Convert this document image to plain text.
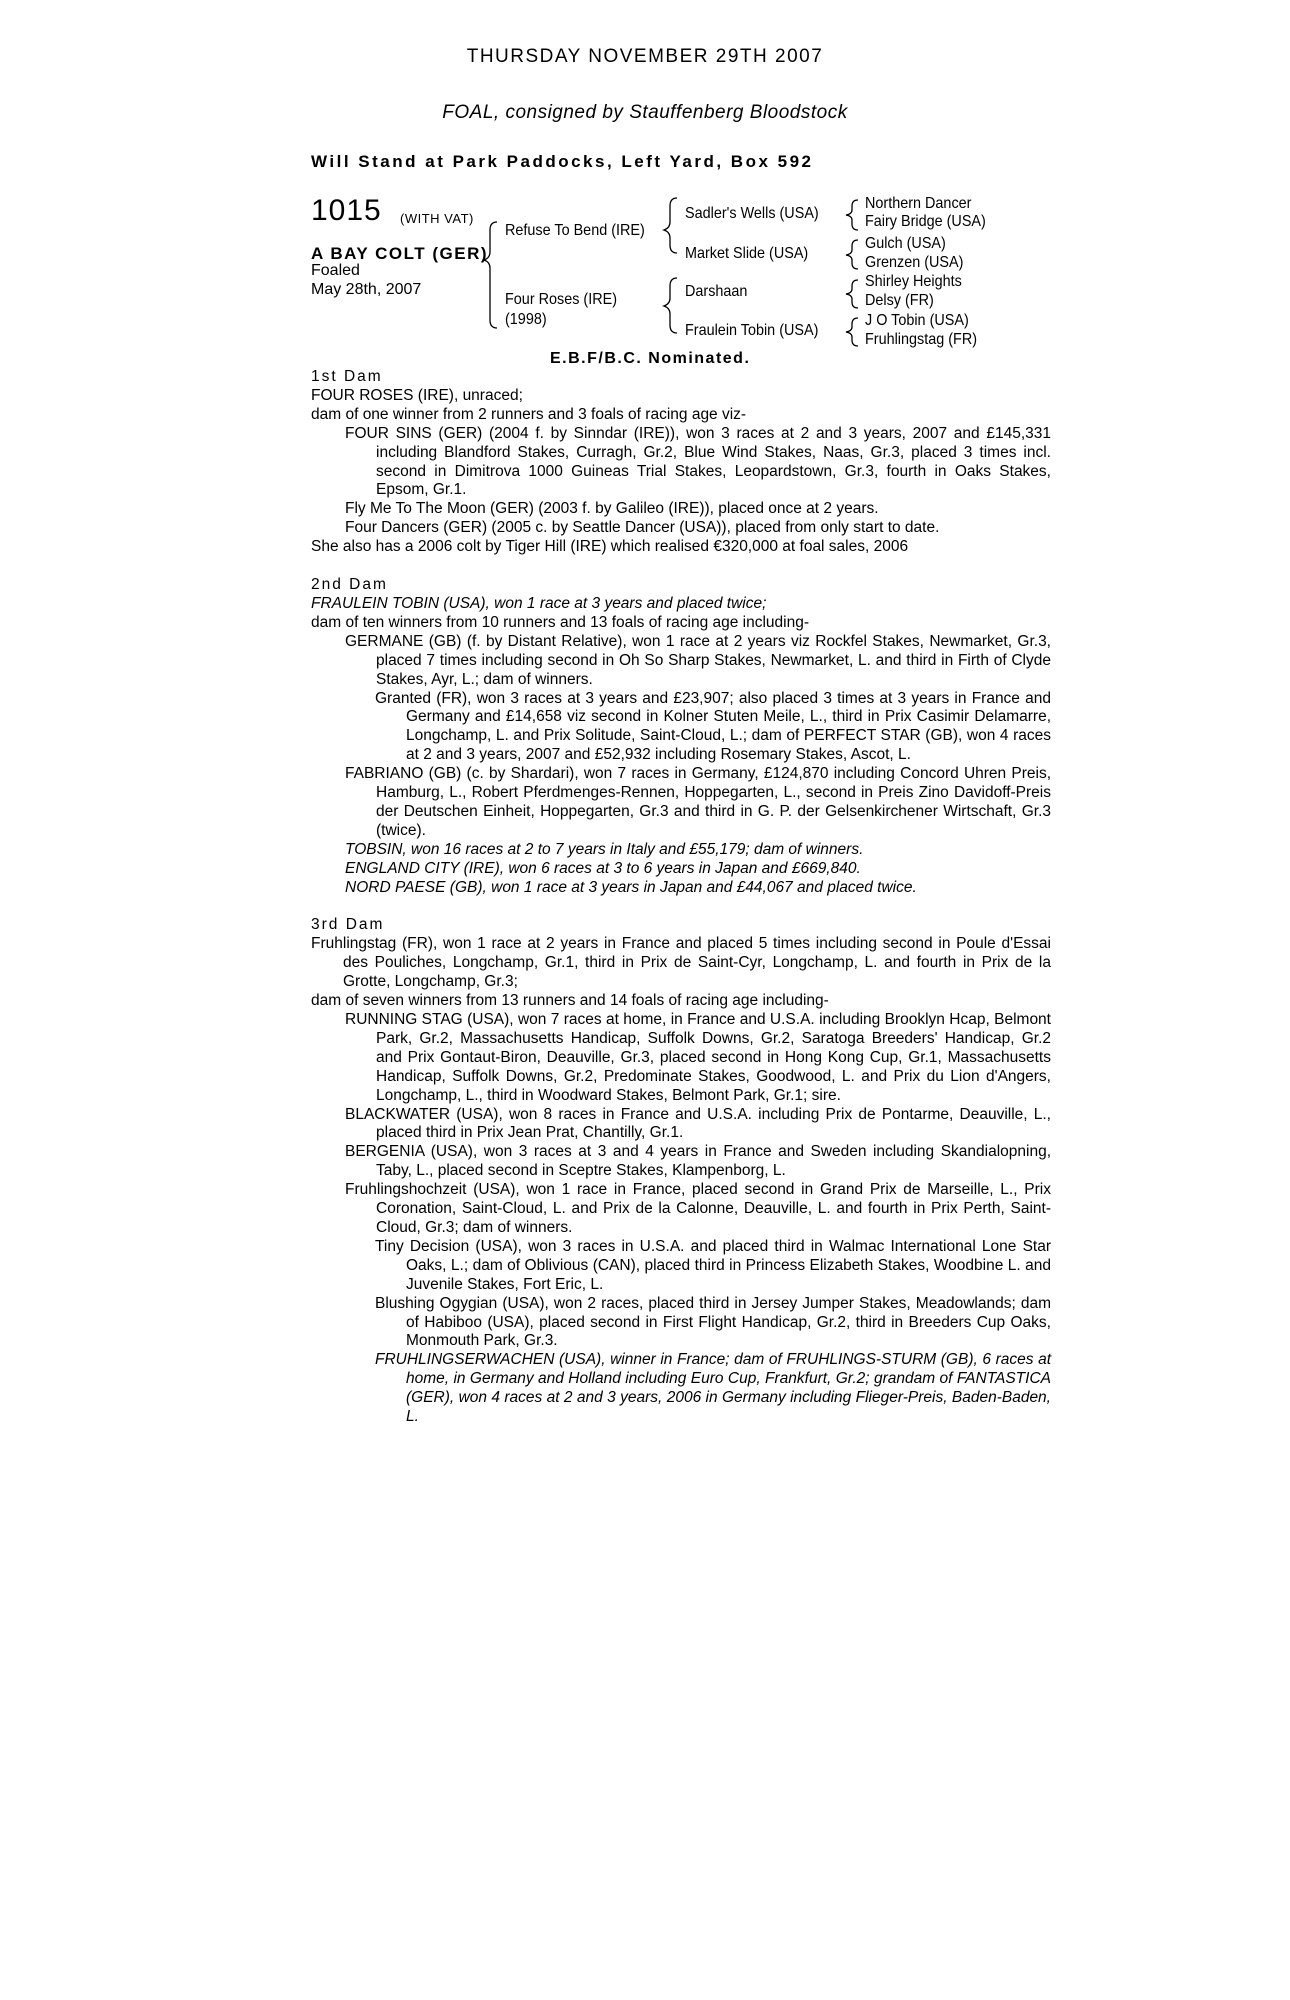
THURSDAY NOVEMBER 29TH 2007
FOAL, consigned by Stauffenberg Bloodstock
Will Stand at Park Paddocks, Left Yard, Box 592
1015 (WITH VAT)
A BAY COLT (GER)
Foaled
May 28th, 2007
Refuse To Bend (IRE)
Four Roses (IRE)
(1998)
Sadler's Wells (USA)
Market Slide (USA)
Darshaan
Fraulein Tobin (USA)
Northern Dancer
Fairy Bridge (USA)
Gulch (USA)
Grenzen (USA)
Shirley Heights
Delsy (FR)
J O Tobin (USA)
Fruhlingstag (FR)
E.B.F/B.C. Nominated.

1st Dam

FOUR ROSES (IRE), unraced;

dam of one winner from 2 runners and 3 foals of racing age viz-

FOUR SINS (GER) (2004 f. by Sinndar (IRE)), won 3 races at 2 and 3 years, 2007 and £145,331 including Blandford Stakes, Curragh, Gr.2, Blue Wind Stakes, Naas, Gr.3, placed 3 times incl. second in Dimitrova 1000 Guineas Trial Stakes, Leopardstown, Gr.3, fourth in Oaks Stakes, Epsom, Gr.1.

Fly Me To The Moon (GER) (2003 f. by Galileo (IRE)), placed once at 2 years.

Four Dancers (GER) (2005 c. by Seattle Dancer (USA)), placed from only start to date.

She also has a 2006 colt by Tiger Hill (IRE) which realised €320,000 at foal sales, 2006

2nd Dam

FRAULEIN TOBIN (USA), won 1 race at 3 years and placed twice;

dam of ten winners from 10 runners and 13 foals of racing age including-

GERMANE (GB) (f. by Distant Relative), won 1 race at 2 years viz Rockfel Stakes, Newmarket, Gr.3, placed 7 times including second in Oh So Sharp Stakes, Newmarket, L. and third in Firth of Clyde Stakes, Ayr, L.; dam of winners.

Granted (FR), won 3 races at 3 years and £23,907; also placed 3 times at 3 years in France and Germany and £14,658 viz second in Kolner Stuten Meile, L., third in Prix Casimir Delamarre, Longchamp, L. and Prix Solitude, Saint-Cloud, L.; dam of PERFECT STAR (GB), won 4 races at 2 and 3 years, 2007 and £52,932 including Rosemary Stakes, Ascot, L.

FABRIANO (GB) (c. by Shardari), won 7 races in Germany, £124,870 including Concord Uhren Preis, Hamburg, L., Robert Pferdmenges-Rennen, Hoppegarten, L., second in Preis Zino Davidoff-Preis der Deutschen Einheit, Hoppegarten, Gr.3 and third in G. P. der Gelsenkirchener Wirtschaft, Gr.3 (twice).

TOBSIN, won 16 races at 2 to 7 years in Italy and £55,179; dam of winners.

ENGLAND CITY (IRE), won 6 races at 3 to 6 years in Japan and £669,840.

NORD PAESE (GB), won 1 race at 3 years in Japan and £44,067 and placed twice.

3rd Dam

Fruhlingstag (FR), won 1 race at 2 years in France and placed 5 times including second in Poule d'Essai des Pouliches, Longchamp, Gr.1, third in Prix de Saint-Cyr, Longchamp, L. and fourth in Prix de la Grotte, Longchamp, Gr.3;

dam of seven winners from 13 runners and 14 foals of racing age including-

RUNNING STAG (USA), won 7 races at home, in France and U.S.A. including Brooklyn Hcap, Belmont Park, Gr.2, Massachusetts Handicap, Suffolk Downs, Gr.2, Saratoga Breeders' Handicap, Gr.2 and Prix Gontaut-Biron, Deauville, Gr.3, placed second in Hong Kong Cup, Gr.1, Massachusetts Handicap, Suffolk Downs, Gr.2, Predominate Stakes, Goodwood, L. and Prix du Lion d'Angers, Longchamp, L., third in Woodward Stakes, Belmont Park, Gr.1; sire.

BLACKWATER (USA), won 8 races in France and U.S.A. including Prix de Pontarme, Deauville, L., placed third in Prix Jean Prat, Chantilly, Gr.1.

BERGENIA (USA), won 3 races at 3 and 4 years in France and Sweden including Skandialopning, Taby, L., placed second in Sceptre Stakes, Klampenborg, L.

Fruhlingshochzeit (USA), won 1 race in France, placed second in Grand Prix de Marseille, L., Prix Coronation, Saint-Cloud, L. and Prix de la Calonne, Deauville, L. and fourth in Prix Perth, Saint-Cloud, Gr.3; dam of winners.

Tiny Decision (USA), won 3 races in U.S.A. and placed third in Walmac International Lone Star Oaks, L.; dam of Oblivious (CAN), placed third in Princess Elizabeth Stakes, Woodbine L. and Juvenile Stakes, Fort Eric, L.

Blushing Ogygian (USA), won 2 races, placed third in Jersey Jumper Stakes, Meadowlands; dam of Habiboo (USA), placed second in First Flight Handicap, Gr.2, third in Breeders Cup Oaks, Monmouth Park, Gr.3.

FRUHLINGSERWACHEN (USA), winner in France; dam of FRUHLINGS-STURM (GB), 6 races at home, in Germany and Holland including Euro Cup, Frankfurt, Gr.2; grandam of FANTASTICA (GER), won 4 races at 2 and 3 years, 2006 in Germany including Flieger-Preis, Baden-Baden, L.
